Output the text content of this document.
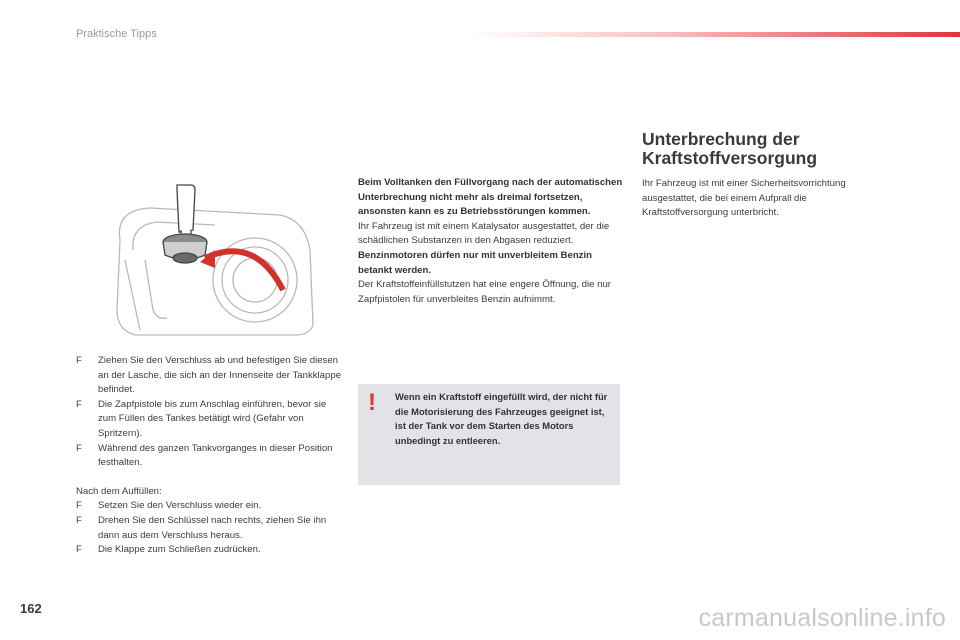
Praktische Tipps
F Ziehen Sie den Verschluss ab und befestigen Sie diesen an der Lasche, die sich an der Innenseite der Tankklappe befindet.
F Die Zapfpistole bis zum Anschlag einführen, bevor sie zum Füllen des Tankes betätigt wird (Gefahr von Spritzern).
F Während des ganzen Tankvorganges in dieser Position festhalten.
Nach dem Auffüllen:
F Setzen Sie den Verschluss wieder ein.
F Drehen Sie den Schlüssel nach rechts, ziehen Sie ihn dann aus dem Verschluss heraus.
F Die Klappe zum Schließen zudrücken.
Beim Volltanken den Füllvorgang nach der automatischen Unterbrechung nicht mehr als dreimal fortsetzen, ansonsten kann es zu Betriebsstörungen kommen.
Ihr Fahrzeug ist mit einem Katalysator ausgestattet, der die schädlichen Substanzen in den Abgasen reduziert.
Benzinmotoren dürfen nur mit unverbleitem Benzin betankt werden.
Der Kraftstoffeinfüllstutzen hat eine engere Öffnung, die nur Zapfpistolen für unverbleites Benzin aufnimmt.
!	Wenn ein Kraftstoff eingefüllt wird, der nicht für die Motorisierung des Fahrzeuges geeignet ist, ist der Tank vor dem Starten des Motors unbedingt zu entleeren.
Unterbrechung der Kraftstoffversorgung
Ihr Fahrzeug ist mit einer Sicherheitsvorrichtung ausgestattet, die bei einem Aufprall die Kraftstoffversorgung unterbricht.
162	carmanualsonline.info
